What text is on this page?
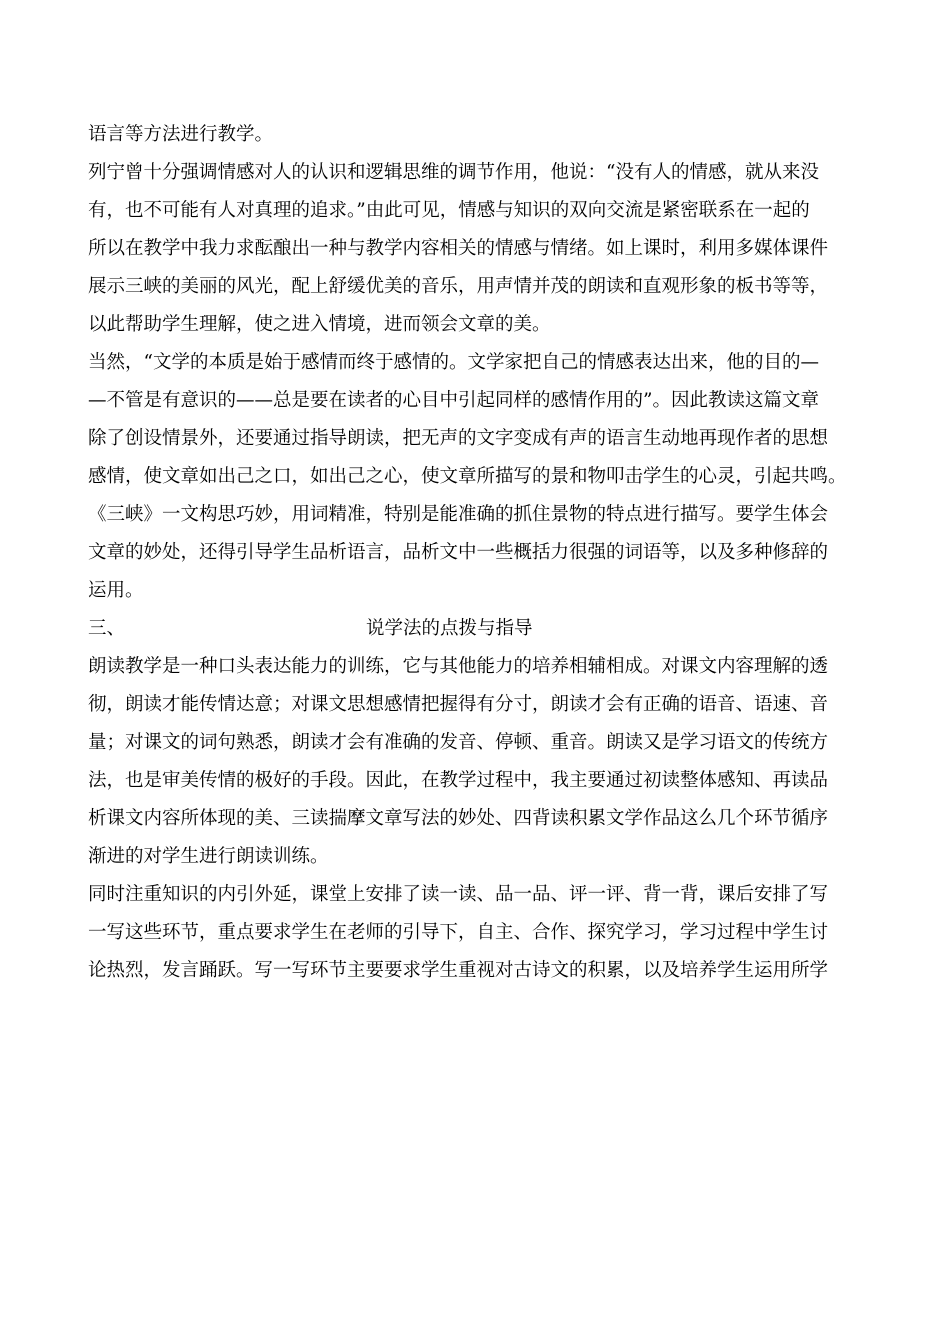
语言等方法进行教学。
列宁曾十分强调情感对人的认识和逻辑思维的调节作用，他说：“没有人的情感，就从来没
有，也不可能有人对真理的追求。”由此可见，情感与知识的双向交流是紧密联系在一起的
所以在教学中我力求酝酿出一种与教学内容相关的情感与情绪。如上课时，利用多媒体课件
展示三峡的美丽的风光，配上舒缓优美的音乐，用声情并茂的朗读和直观形象的板书等等，
以此帮助学生理解，使之进入情境，进而领会文章的美。
当然，“文学的本质是始于感情而终于感情的。文学家把自己的情感表达出来，他的目的—
—不管是有意识的——总是要在读者的心目中引起同样的感情作用的”。因此教读这篇文章
除了创设情景外，还要通过指导朗读，把无声的文字变成有声的语言生动地再现作者的思想
感情，使文章如出己之口，如出己之心，使文章所描写的景和物叩击学生的心灵，引起共鸣。
《三峡》一文构思巧妙，用词精准，特别是能准确的抓住景物的特点进行描写。要学生体会
文章的妙处，还得引导学生品析语言，品析文中一些概括力很强的词语等，以及多种修辞的
运用。
三、	说学法的点拨与指导
朗读教学是一种口头表达能力的训练，它与其他能力的培养相辅相成。对课文内容理解的透
彻，朗读才能传情达意；对课文思想感情把握得有分寸，朗读才会有正确的语音、语速、音
量；对课文的词句熟悉，朗读才会有准确的发音、停顿、重音。朗读又是学习语文的传统方
法，也是审美传情的极好的手段。因此，在教学过程中，我主要通过初读整体感知、再读品
析课文内容所体现的美、三读揣摩文章写法的妙处、四背读积累文学作品这么几个环节循序
渐进的对学生进行朗读训练。
同时注重知识的内引外延，课堂上安排了读一读、品一品、评一评、背一背，课后安排了写
一写这些环节，重点要求学生在老师的引导下，自主、合作、探究学习，学习过程中学生讨
论热烈，发言踊跃。写一写环节主要要求学生重视对古诗文的积累，以及培养学生运用所学
